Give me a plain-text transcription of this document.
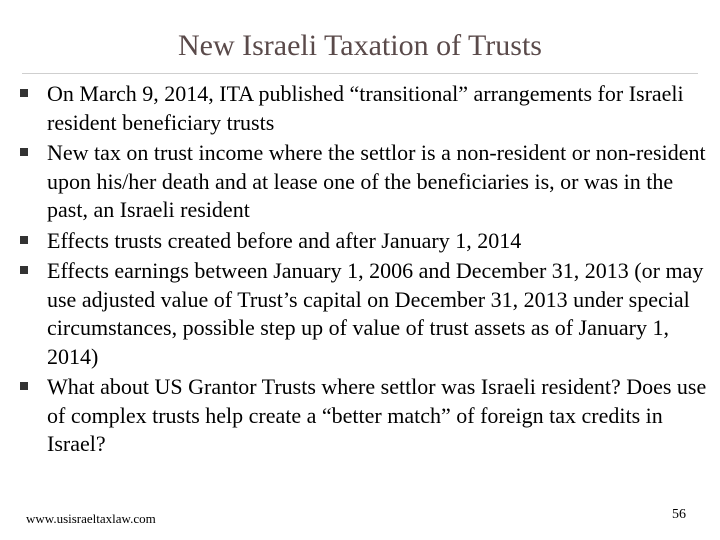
New Israeli Taxation of Trusts
On March 9, 2014, ITA published “transitional” arrangements for Israeli resident beneficiary trusts
New tax on trust income where the settlor is a non-resident or non-resident upon his/her death and at lease one of the beneficiaries is, or was in the past, an Israeli resident
Effects trusts created before and after January 1, 2014
Effects earnings between January 1, 2006 and December 31, 2013 (or may use adjusted value of Trust’s capital on December 31, 2013 under special circumstances, possible step up of value of trust assets as of January 1, 2014)
What about US Grantor Trusts where settlor was Israeli resident? Does use of complex trusts help create a “better match” of foreign tax credits in Israel?
www.usisraeltaxlaw.com	56
